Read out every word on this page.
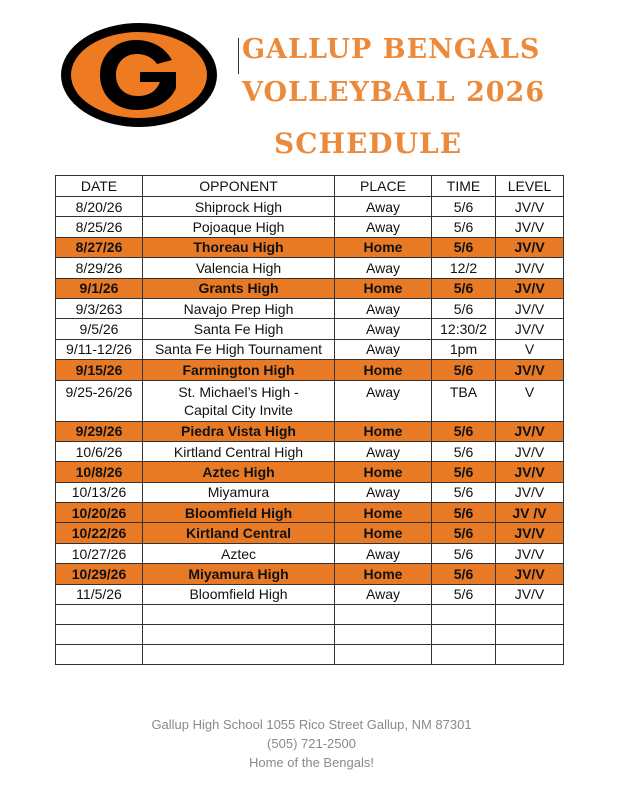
GALLUP BENGALS
VOLLEYBALL 2026
SCHEDULE
DATE	OPPONENT	PLACE	TIME	LEVEL
8/20/26	Shiprock High	Away	5/6	JV/V
8/25/26	Pojoaque High	Away	5/6	JV/V
8/27/26	Thoreau High	Home	5/6	JV/V
8/29/26	Valencia High	Away	12/2	JV/V
9/1/26	Grants High	Home	5/6	JV/V
9/3/263	Navajo Prep High	Away	5/6	JV/V
9/5/26	Santa Fe High	Away	12:30/2	JV/V
9/11-12/26	Santa Fe High Tournament	Away	1pm	V
9/15/26	Farmington High	Home	5/6	JV/V
9/25-26/26	St. Michael’s High -
Capital City Invite	Away	TBA	V
9/29/26	Piedra Vista High	Home	5/6	JV/V
10/6/26	Kirtland Central High	Away	5/6	JV/V
10/8/26	Aztec High	Home	5/6	JV/V
10/13/26	Miyamura	Away	5/6	JV/V
10/20/26	Bloomfield High	Home	5/6	JV /V
10/22/26	Kirtland Central	Home	5/6	JV/V
10/27/26	Aztec	Away	5/6	JV/V
10/29/26	Miyamura High	Home	5/6	JV/V
11/5/26	Bloomfield High	Away	5/6	JV/V

Gallup High School 1055 Rico Street Gallup, NM 87301
(505) 721-2500
Home of the Bengals!
